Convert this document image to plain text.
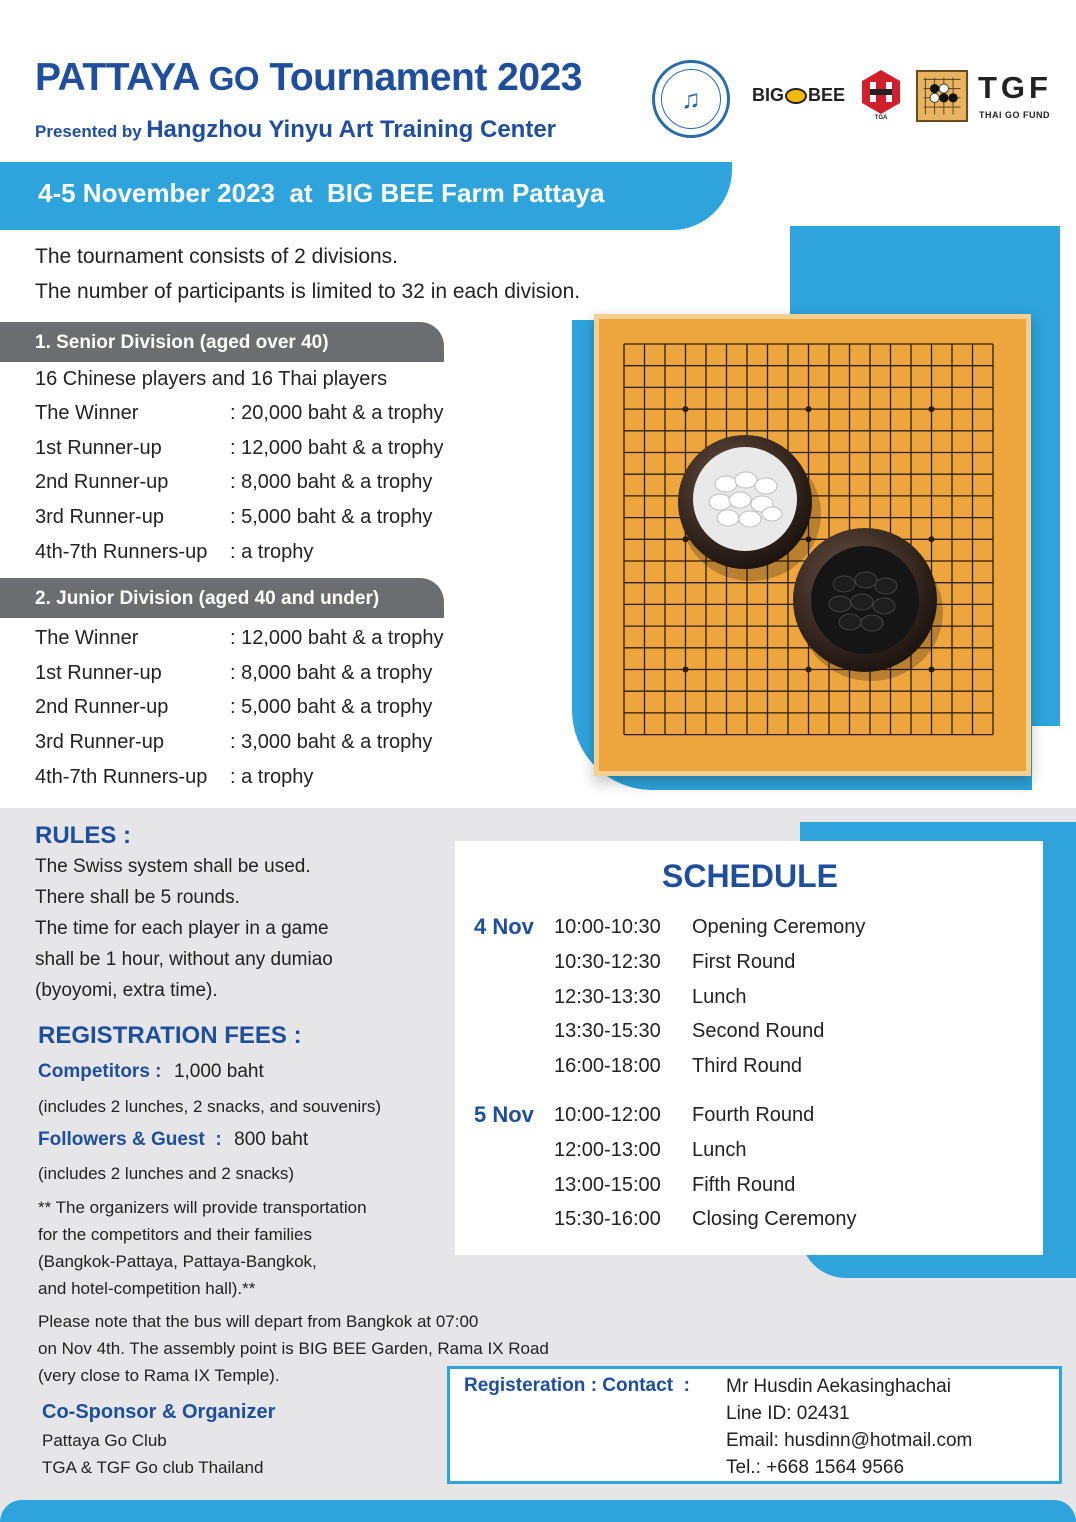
PATTAYA GO Tournament 2023
Presented by Hangzhou Yinyu Art Training Center
♫	BIG BEE
TGA
TGF
THAI GO FUND
4-5 November 2023  at  BIG BEE Farm Pattaya
The tournament consists of 2 divisions.
The number of participants is limited to 32 in each division.
1. Senior Division (aged over 40)
16 Chinese players and 16 Thai players
The Winner	: 20,000 baht & a trophy
1st Runner-up	: 12,000 baht & a trophy
2nd Runner-up	: 8,000 baht & a trophy
3rd Runner-up	: 5,000 baht & a trophy
4th-7th Runners-up : a trophy
2. Junior Division (aged 40 and under)
The Winner	: 12,000 baht & a trophy
1st Runner-up	: 8,000 baht & a trophy
2nd Runner-up	: 5,000 baht & a trophy
3rd Runner-up	: 3,000 baht & a trophy
4th-7th Runners-up : a trophy
RULES :
The Swiss system shall be used.
There shall be 5 rounds.
The time for each player in a game
shall be 1 hour, without any dumiao
(byoyomi, extra time).
REGISTRATION FEES :
Competitors : 1,000 baht
(includes 2 lunches, 2 snacks, and souvenirs)
Followers & Guest  : 800 baht
(includes 2 lunches and 2 snacks)
** The organizers will provide transportation
for the competitors and their families
(Bangkok-Pattaya, Pattaya-Bangkok,
and hotel-competition hall).**
Please note that the bus will depart from Bangkok at 07:00
on Nov 4th. The assembly point is BIG BEE Garden, Rama IX Road
(very close to Rama IX Temple).
Co-Sponsor & Organizer
Pattaya Go Club
TGA & TGF Go club Thailand
SCHEDULE
4 Nov 10:00-10:30 Opening Ceremony
10:30-12:30 First Round
12:30-13:30 Lunch
13:30-15:30 Second Round
16:00-18:00 Third Round
5 Nov 10:00-12:00 Fourth Round
12:00-13:00 Lunch
13:00-15:00 Fifth Round
15:30-16:00 Closing Ceremony
Registeration : Contact  : Mr Husdin Aekasinghachai
Line ID: 02431
Email: husdinn@hotmail.com
Tel.: +668 1564 9566
